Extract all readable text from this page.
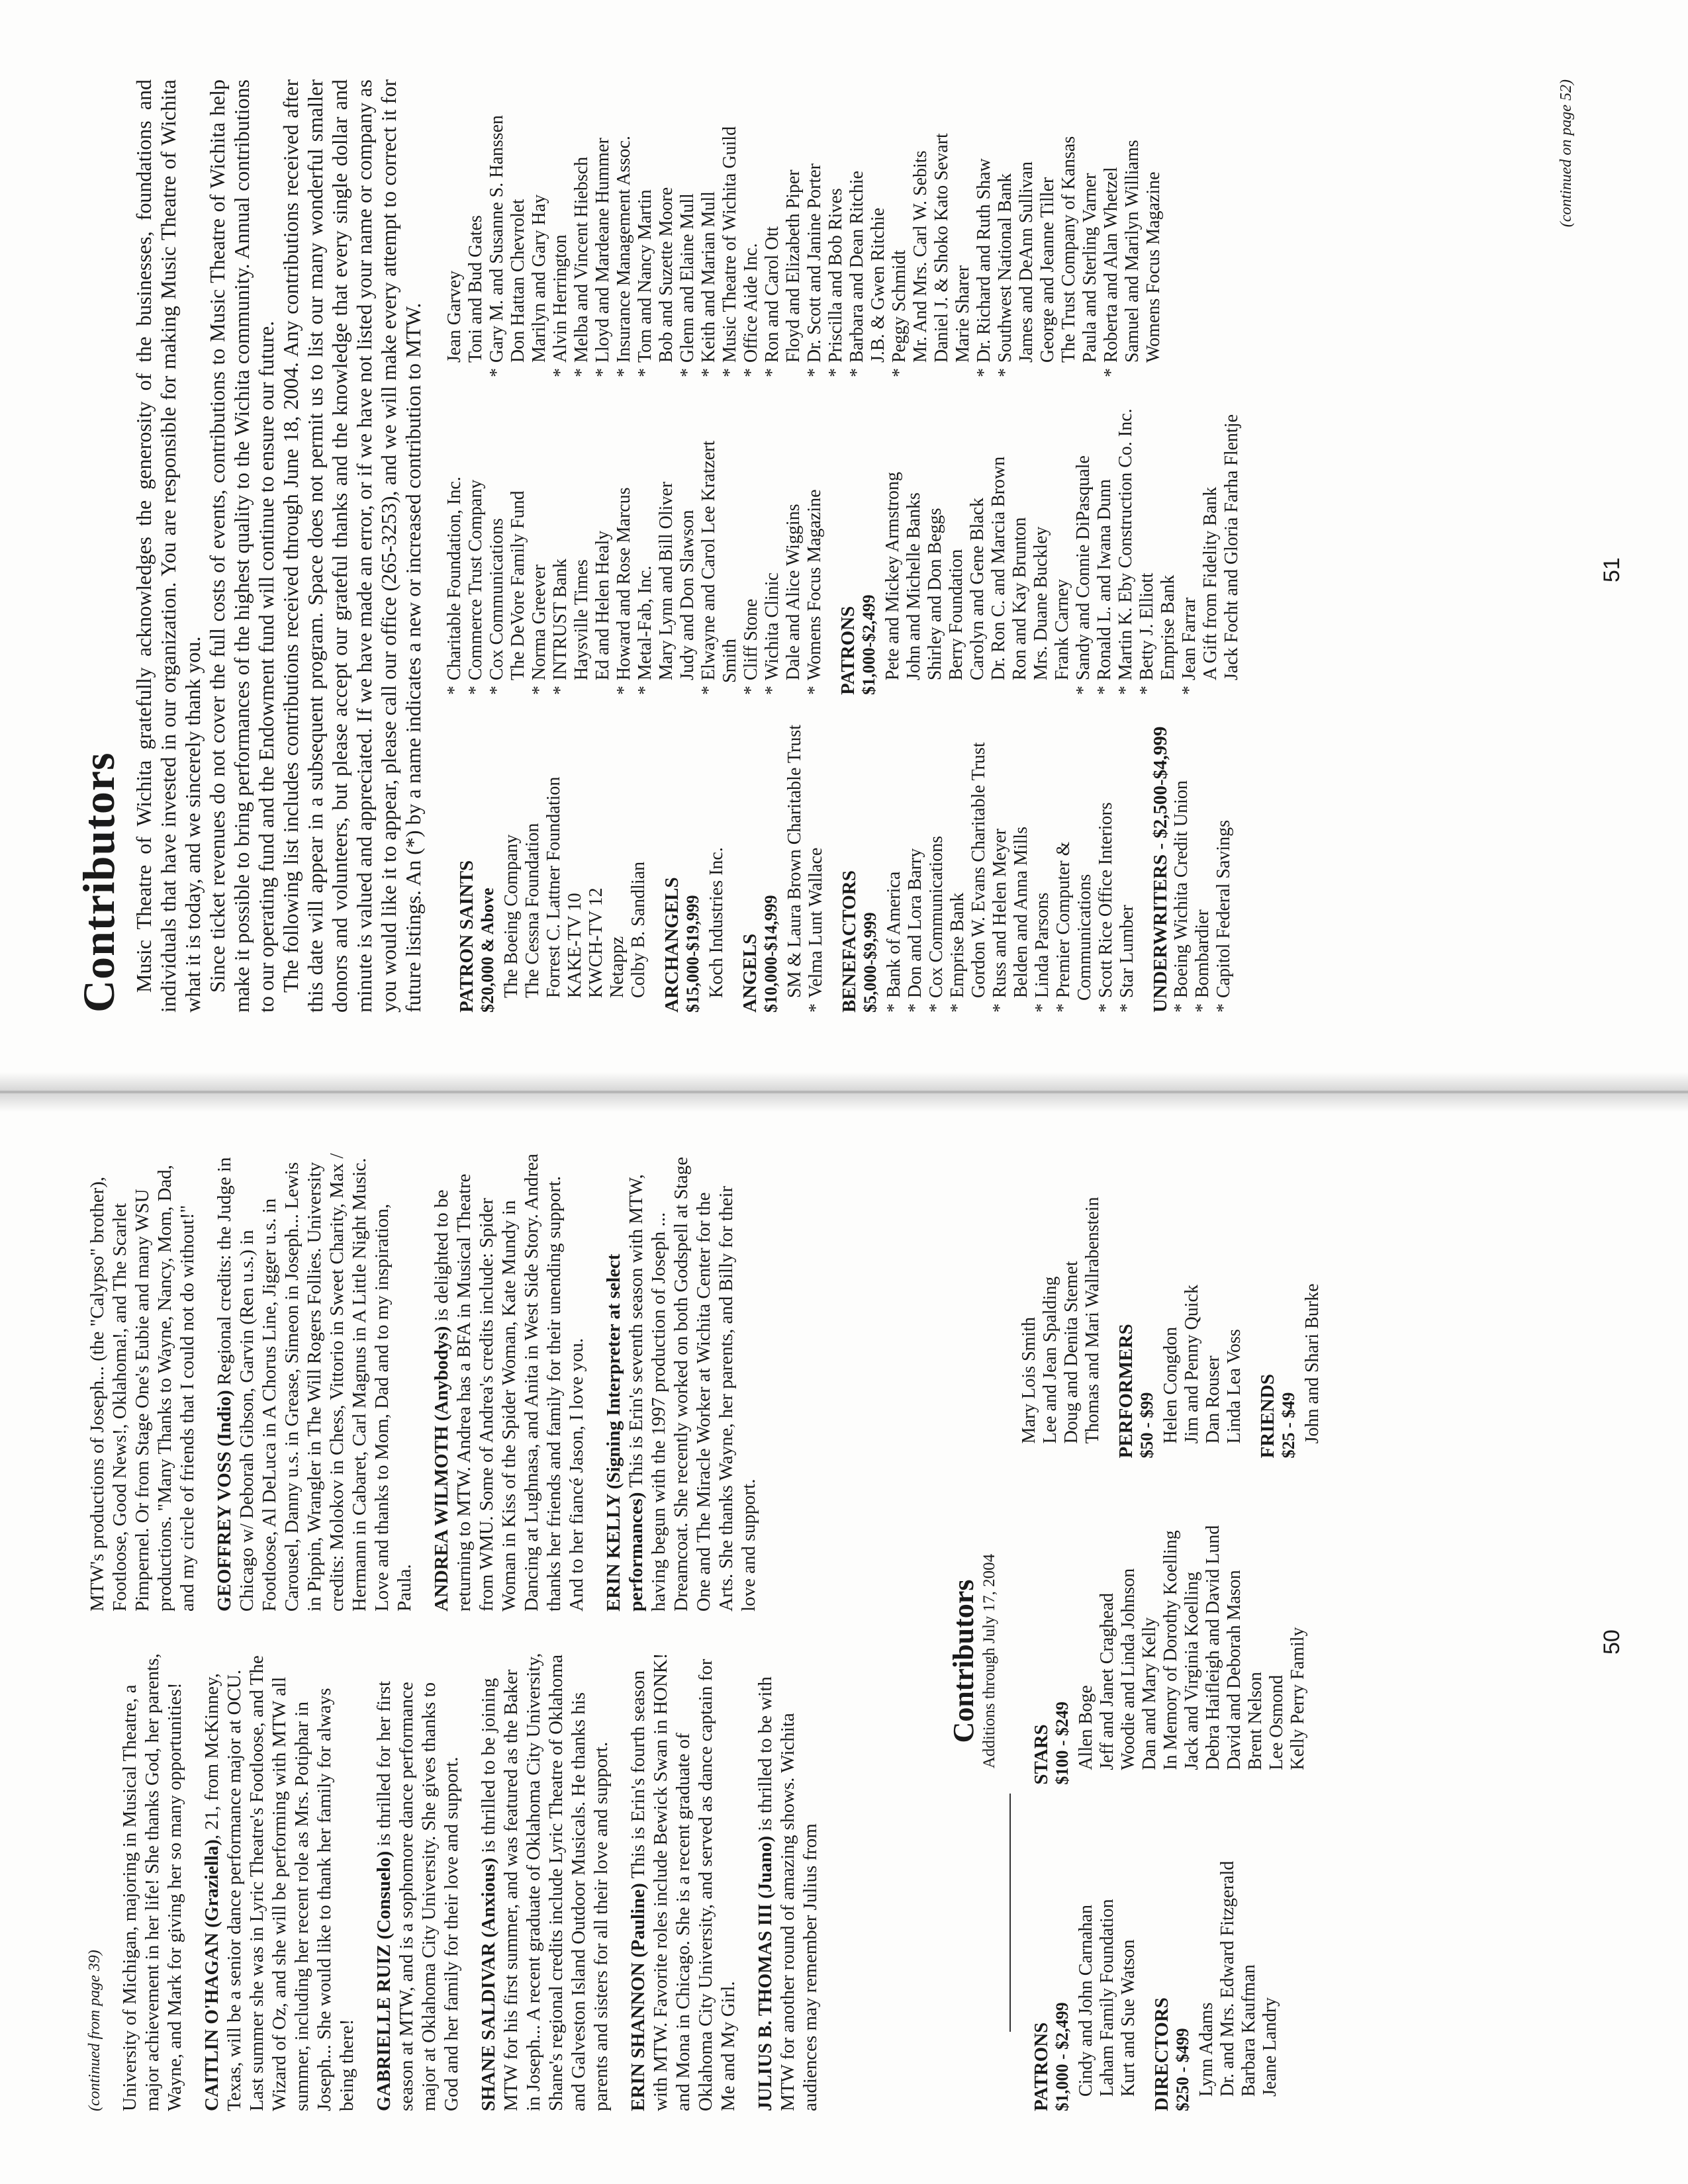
(continued from page 39) University of Michigan, majoring in Musical Theatre, a major achievement in her life! She thanks God, her parents, Wayne, and Mark for giving her so many opportunities! CAITLIN O'HAGAN (Graziella), 21, from McKinney, Texas, will be a senior dance performance major at OCU. Last summer she was in Lyric Theatre's Footloose, and The Wizard of Oz, and she will be performing with MTW all summer, including her recent role as Mrs. Potiphar in Joseph... She would like to thank her family for always being there! GABRIELLE RUIZ (Consuelo) is thrilled for her first season at MTW, and is a sophomore dance performance major at Oklahoma City University. She gives thanks to God and her family for their love and support. SHANE SALDIVAR (Anxious) is thrilled to be joining MTW for his first summer, and was featured as the Baker in Joseph... A recent graduate of Oklahoma City University, Shane's regional credits include Lyric Theatre of Oklahoma and Galveston Island Outdoor Musicals. He thanks his parents and sisters for all their love and support. ERIN SHANNON (Pauline) This is Erin's fourth season with MTW. Favorite roles include Bewick Swan in HONK! and Mona in Chicago. She is a recent graduate of Oklahoma City University, and served as dance captain for Me and My Girl. JULIUS B. THOMAS III (Juano) is thrilled to be with MTW for another round of amazing shows. Wichita audiences may remember Julius from

MTW's productions of Joseph... (the "Calypso" brother), Footloose, Good News!, Oklahoma!, and The Scarlet Pimpernel. Or from Stage One's Eubie and many WSU productions. "Many Thanks to Wayne, Nancy, Mom, Dad, and my circle of friends that I could not do without!" GEOFFREY VOSS (Indio) Regional credits: the Judge in Chicago w/ Deborah Gibson, Garvin (Ren u.s.) in Footloose, Al DeLuca in A Chorus Line, Jigger u.s. in Carousel, Danny u.s. in Grease, Simeon in Joseph... Lewis in Pippin, Wrangler in The Will Rogers Follies. University credits: Molokov in Chess, Vittorio in Sweet Charity, Max / Hermann in Cabaret, Carl Magnus in A Little Night Music. Love and thanks to Mom, Dad and to my inspiration, Paula. ANDREA WILMOTH (Anybodys) is delighted to be returning to MTW. Andrea has a BFA in Musical Theatre from WMU. Some of Andrea's credits include: Spider Woman in Kiss of the Spider Woman, Kate Mundy in Dancing at Lughnasa, and Anita in West Side Story. Andrea thanks her friends and family for their unending support. And to her fiancé Jason, I love you. ERIN KELLY (Signing Interpreter at select performances) This is Erin's seventh season with MTW, having begun with the 1997 production of Joseph ... Dreamcoat. She recently worked on both Godspell at Stage One and The Miracle Worker at Wichita Center for the Arts. She thanks Wayne, her parents, and Billy for their love and support.

Contributors Additions through July 17, 2004
PATRONS $1,000 - $2,499 Cindy and John Carnahan Laham Family Foundation Kurt and Sue Watson DIRECTORS $250 - $499 Lynn Adams Dr. and Mrs. Edward Fitzgerald Barbara Kaufman Jeane Landry
STARS $100 - $249 Allen Boge Jeff and Janet Craghead Woodie and Linda Johnson Dan and Mary Kelly In Memory of Dorothy Koelling Jack and Virginia Koelling Debra Haifleigh and David Lund David and Deborah Mason Brent Nelson Lee Osmond Kelly Perry Family
Mary Lois Smith Lee and Jean Spalding Doug and Denita Stemet Thomas and Mari Wallrabenstein PERFORMERS $50 - $99 Helen Congdon Jim and Penny Quick Dan Rouser Linda Lea Voss FRIENDS $25 - $49 John and Shari Burke
50
Contributors Music Theatre of Wichita gratefully acknowledges the generosity of the businesses, foundations and individuals that have invested in our organization. You are responsible for making Music Theatre of Wichita what it is today, and we sincerely thank you. Since ticket revenues do not cover the full costs of events, contributions to Music Theatre of Wichita help make it possible to bring performances of the highest quality to the Wichita community. Annual contributions to our operating fund and the Endowment fund will continue to ensure our future. The following list includes contributions received through June 18, 2004. Any contributions received after this date will appear in a subsequent program. Space does not permit us to list our many wonderful smaller donors and volunteers, but please accept our grateful thanks and the knowledge that every single dollar and minute is valued and appreciated. If we have made an error, or if we have not listed your name or company as you would like it to appear, please call our office (265-3253), and we will make every attempt to correct it for future listings. An (*) by a name indicates a new or increased contribution to MTW. PATRON SAINTS $20,000 & Above The Boeing Company The Cessna Foundation Forrest C. Lattner Foundation KAKE-TV 10 KWCH-TV 12 Netappz Colby B. Sandlian ARCHANGELS $15,000-$19,999 Koch Industries Inc. ANGELS $10,000-$14,999 SM & Laura Brown Charitable Trust
*Velma Lunt Wallace BENEFACTORS $5,000-$9,999 *Bank of America
*Don and Lora Barry
*Cox Communications
*Emprise Bank Gordon W. Evans Charitable Trust
*Russ and Helen Meyer Belden and Anna Mills
*Linda Parsons
*Premier Computer & Communications
*Scott Rice Office Interiors
*Star Lumber UNDERWRITERS - $2,500-$4,999 *Boeing Wichita Credit Union
*Bombardier
*Capitol Federal Savings
*Charitable Foundation, Inc.
*Commerce Trust Company
*Cox Communications The DeVore Family Fund
*Norma Greever
*INTRUST Bank Haysville Times Ed and Helen Healy
*Howard and Rose Marcus
*Metal-Fab, Inc. Mary Lynn and Bill Oliver Judy and Don Slawson
*Elwayne and Carol Lee Kratzert Smith
*Cliff Stone
*Wichita Clinic Dale and Alice Wiggins
*Womens Focus Magazine PATRONS $1,000-$2,499 Pete and Mickey Armstrong John and Michelle Banks Shirley and Don Beggs Berry Foundation Carolyn and Gene Black Dr. Ron C. and Marcia Brown Ron and Kay Brunton Mrs. Duane Buckley Frank Carney
*Sandy and Connie DiPasquale
*Ronald L. and Iwana Dunn
*Martin K. Eby Construction Co. Inc.
*Betty J. Elliott Emprise Bank
*Jean Farrar A Gift from Fidelity Bank Jack Focht and Gloria Farha Flentje
Jean Garvey Toni and Bud Gates
*Gary M. and Susanne S. Hanssen Don Hattan Chevrolet Marilyn and Gary Hay
*Alvin Herrington
*Melba and Vincent Hiebsch
*Lloyd and Mardeane Hummer
*Insurance Management Assoc.
*Tom and Nancy Martin Bob and Suzette Moore
*Glenn and Elaine Mull
*Keith and Marian Mull
*Music Theatre of Wichita Guild
*Office Aide Inc.
*Ron and Carol Ott Floyd and Elizabeth Piper
*Dr. Scott and Janine Porter
*Priscilla and Bob Rives
*Barbara and Dean Ritchie J.B. & Gwen Ritchie
*Peggy Schmidt Mr. And Mrs. Carl W. Sebits Daniel J. & Shoko Kato Sevart Marie Sharer
*Dr. Richard and Ruth Shaw
*Southwest National Bank James and DeAnn Sullivan George and Jeanne Tiller The Trust Company of Kansas Paula and Sterling Varner
*Roberta and Alan Whetzel Samuel and Marilyn Williams Womens Focus Magazine
(continued on page 52)
51
